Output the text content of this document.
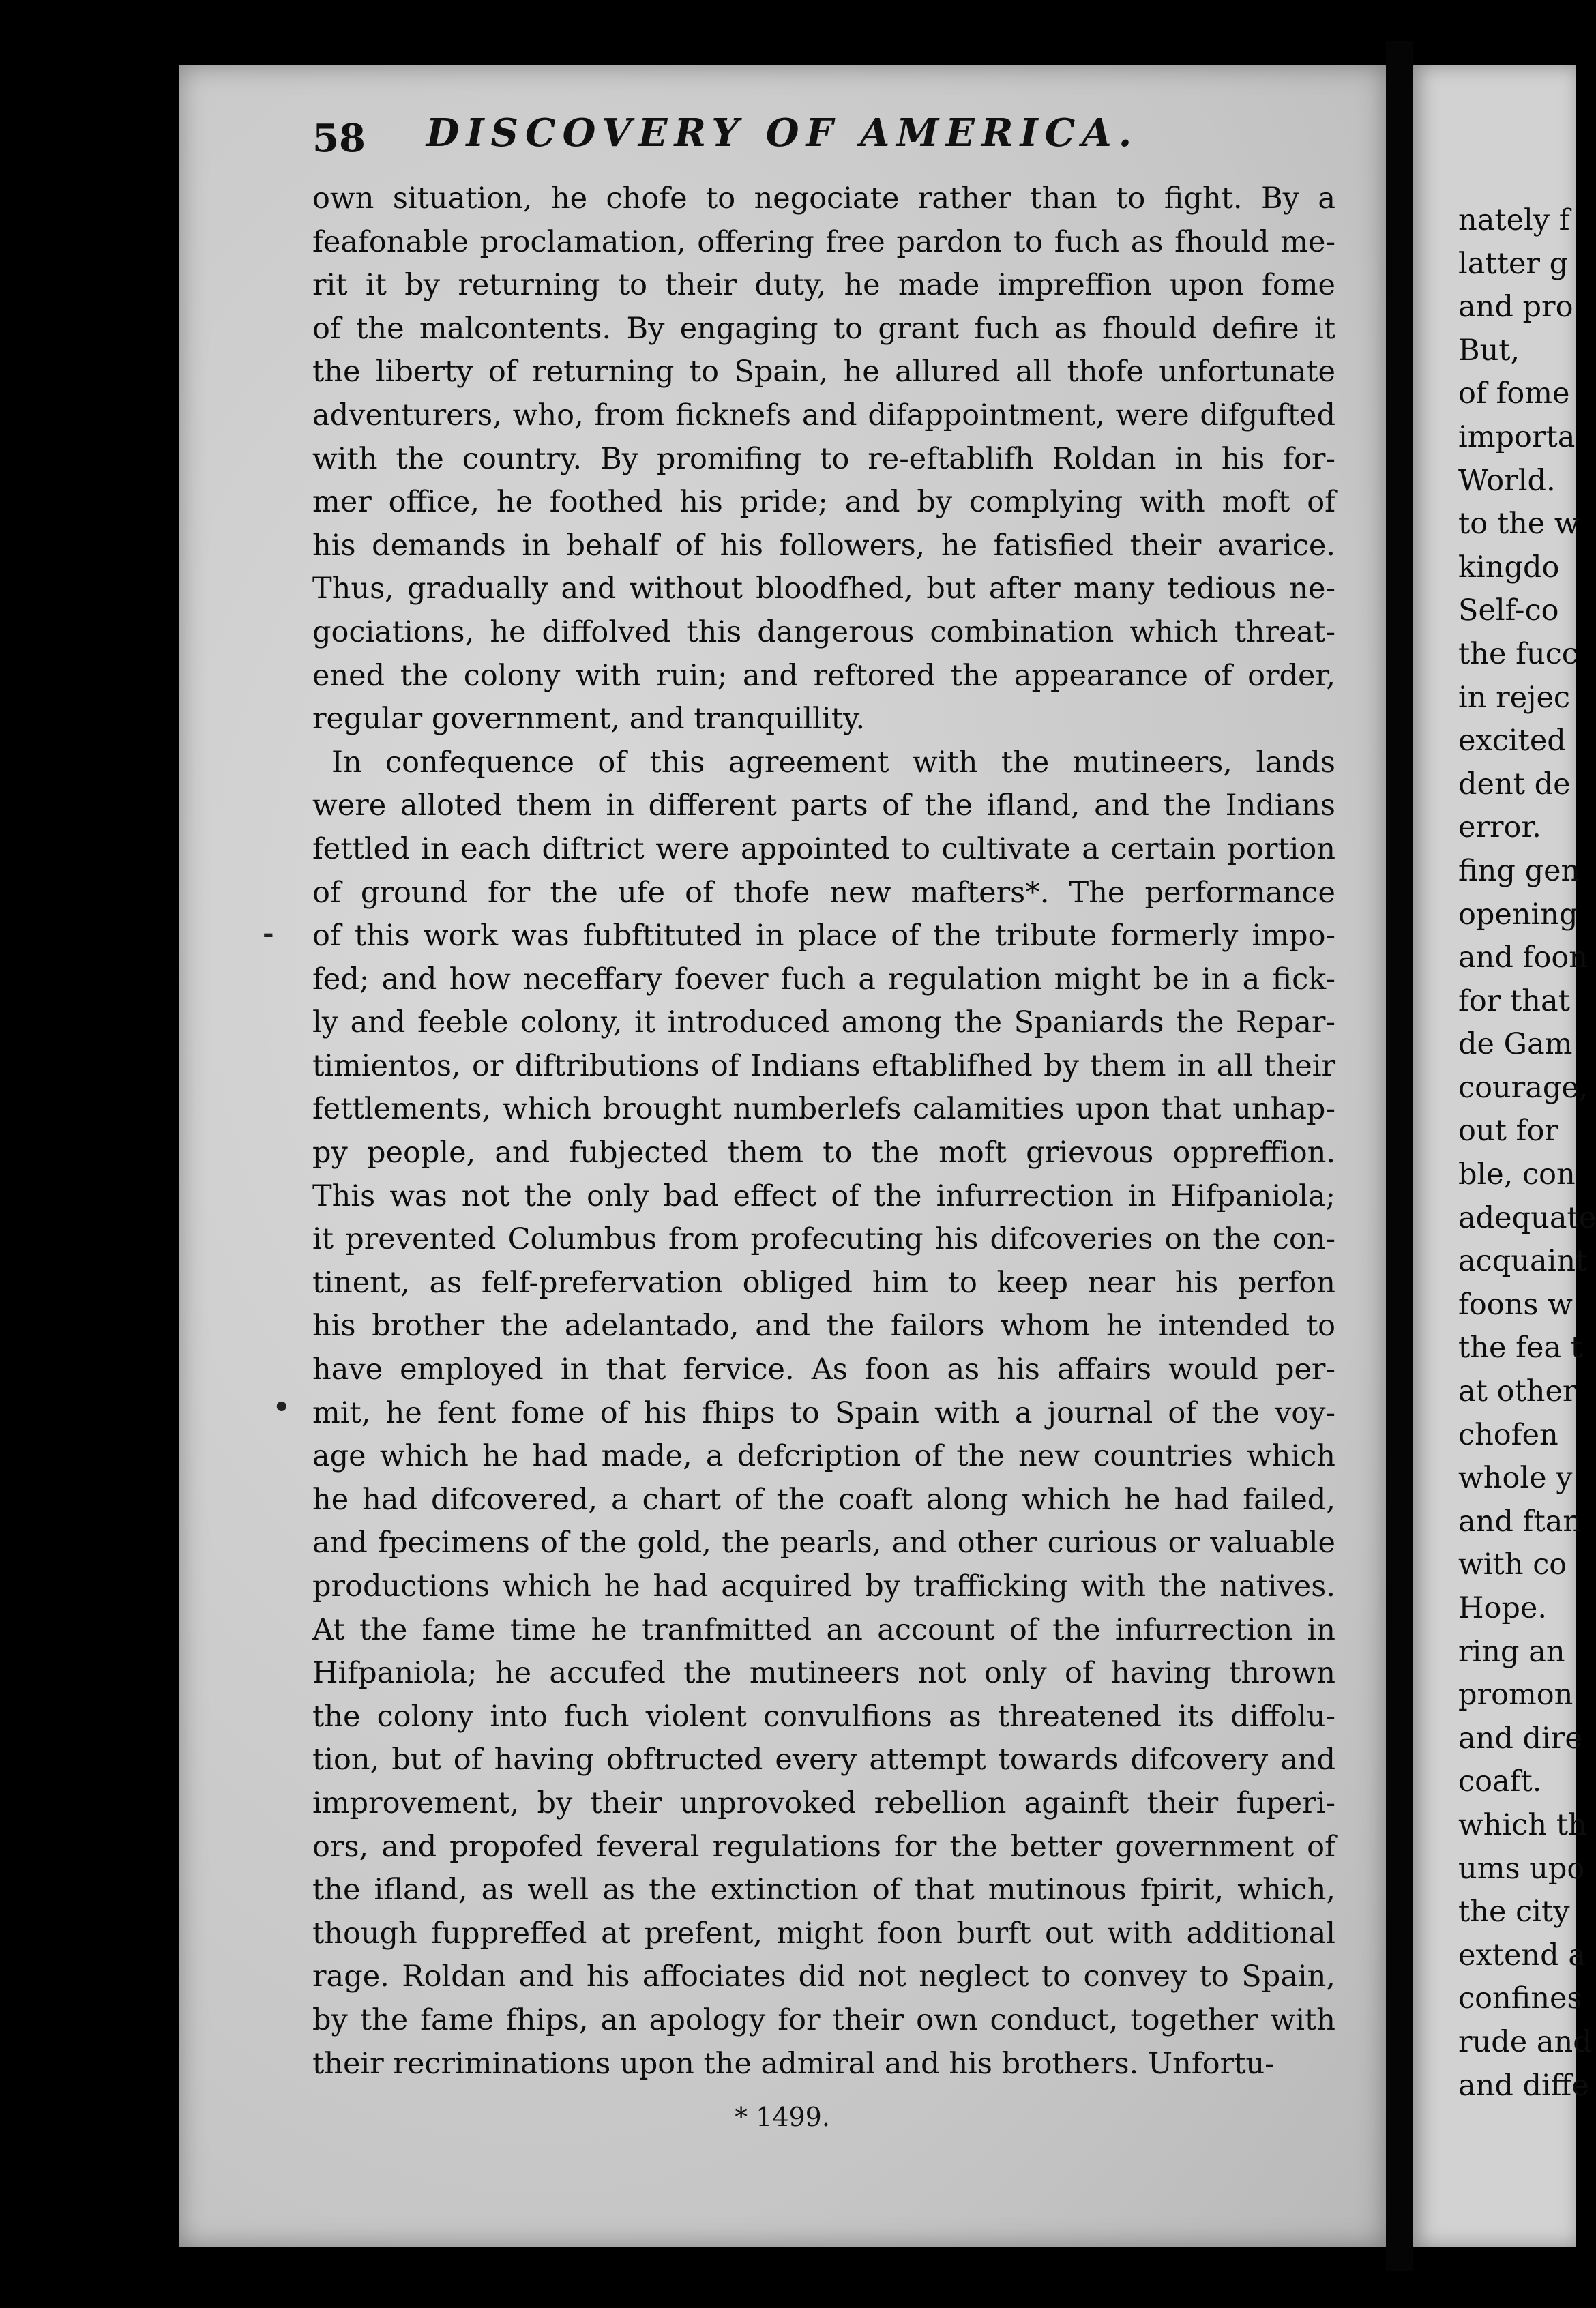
58	DISCOVERY OF AMERICA.
-
•
own situation, he chofe to negociate rather than to fight. By a
feafonable proclamation, offering free pardon to fuch as fhould me-
rit it by returning to their duty, he made impreffion upon fome
of the malcontents. By engaging to grant fuch as fhould defire it
the liberty of returning to Spain, he allured all thofe unfortunate
adventurers, who, from ficknefs and difappointment, were difgufted
with the country. By promifing to re-eftablifh Roldan in his for-
mer office, he foothed his pride; and by complying with moft of
his demands in behalf of his followers, he fatisfied their avarice.
Thus, gradually and without bloodfhed, but after many tedious ne-
gociations, he diffolved this dangerous combination which threat-
ened the colony with ruin; and reftored the appearance of order,
regular government, and tranquillity.
In confequence of this agreement with the mutineers, lands
were alloted them in different parts of the ifland, and the Indians
fettled in each diftrict were appointed to cultivate a certain portion
of ground for the ufe of thofe new mafters*. The performance
of this work was fubftituted in place of the tribute formerly impo-
fed; and how neceffary foever fuch a regulation might be in a fick-
ly and feeble colony, it introduced among the Spaniards the Repar-
timientos, or diftributions of Indians eftablifhed by them in all their
fettlements, which brought numberlefs calamities upon that unhap-
py people, and fubjected them to the moft grievous oppreffion.
This was not the only bad effect of the infurrection in Hifpaniola;
it prevented Columbus from profecuting his difcoveries on the con-
tinent, as felf-prefervation obliged him to keep near his perfon
his brother the adelantado, and the failors whom he intended to
have employed in that fervice. As foon as his affairs would per-
mit, he fent fome of his fhips to Spain with a journal of the voy-
age which he had made, a defcription of the new countries which
he had difcovered, a chart of the coaft along which he had failed,
and fpecimens of the gold, the pearls, and other curious or valuable
productions which he had acquired by trafficking with the natives.
At the fame time he tranfmitted an account of the infurrection in
Hifpaniola; he accufed the mutineers not only of having thrown
the colony into fuch violent convulfions as threatened its diffolu-
tion, but of having obftructed every attempt towards difcovery and
improvement, by their unprovoked rebellion againft their fuperi-
ors, and propofed feveral regulations for the better government of
the ifland, as well as the extinction of that mutinous fpirit, which,
though fuppreffed at prefent, might foon burft out with additional
rage. Roldan and his affociates did not neglect to convey to Spain,
by the fame fhips, an apology for their own conduct, together with
their recriminations upon the admiral and his brothers. Unfortu-
* 1499.
nately f
latter g
and pro
But,
of fome
importa
World.
to the w
kingdo
Self-co
the fucc
in rejec
excited
dent de
error.
fing gen
opening
and foon
for that
de Gam
courage,
out for
ble, con
adequate
acquaint
foons w
the fea t
at other
chofen
whole y
and ftan
with co
Hope.
ring an
promon
and dire
coaft.
which th
ums upo
the city
extend a
confines
rude and
and diffe
